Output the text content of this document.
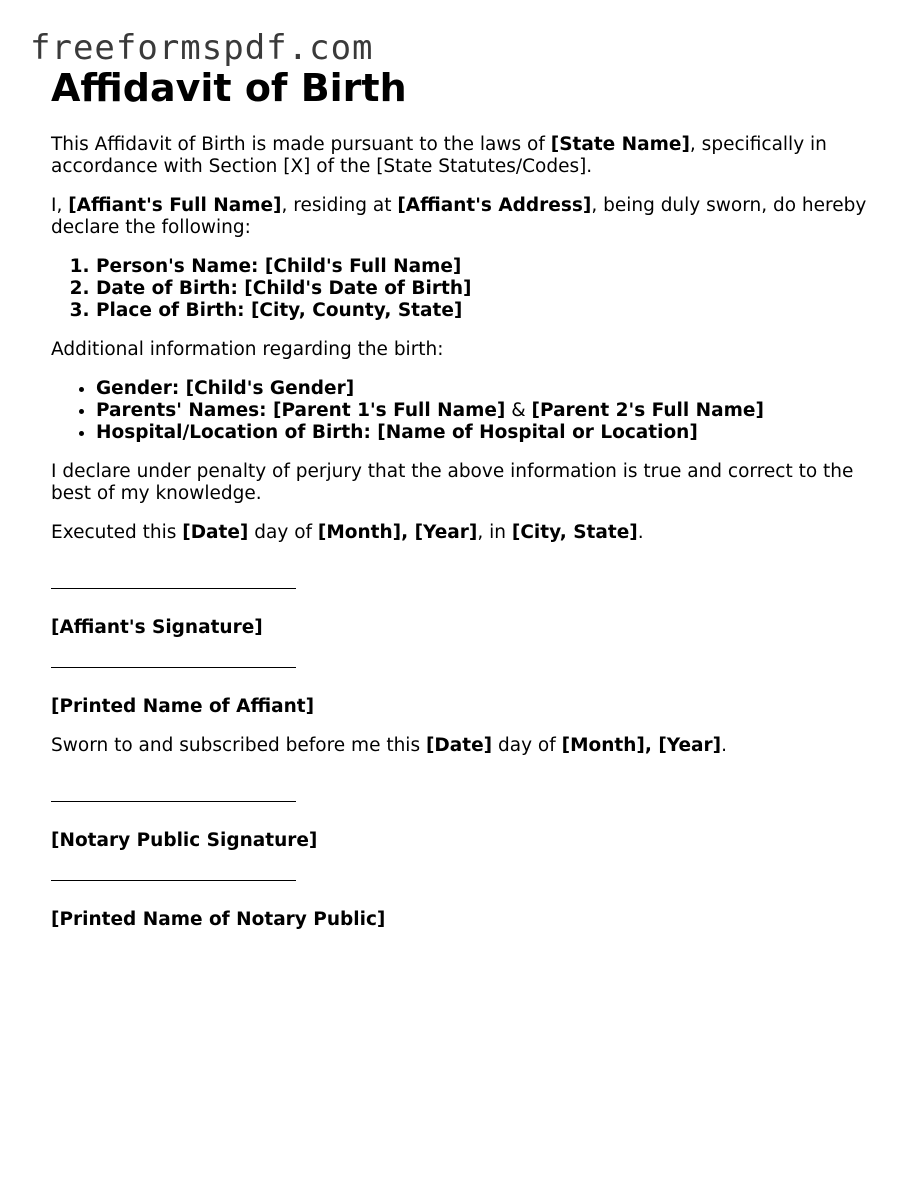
freeformspdf.com
Affidavit of Birth

This Affidavit of Birth is made pursuant to the laws of [State Name], specifically in accordance with Section [X] of the [State Statutes/Codes].

I, [Affiant's Full Name], residing at [Affiant's Address], being duly sworn, do hereby declare the following:

1. Person's Name: [Child's Full Name]
2. Date of Birth: [Child's Date of Birth]
3. Place of Birth: [City, County, State]

Additional information regarding the birth:

• Gender: [Child's Gender]
• Parents' Names: [Parent 1's Full Name] & [Parent 2's Full Name]
• Hospital/Location of Birth: [Name of Hospital or Location]

I declare under penalty of perjury that the above information is true and correct to the best of my knowledge.

Executed this [Date] day of [Month], [Year], in [City, State].

[Affiant's Signature]
[Printed Name of Affiant]

Sworn to and subscribed before me this [Date] day of [Month], [Year].

[Notary Public Signature]
[Printed Name of Notary Public]
